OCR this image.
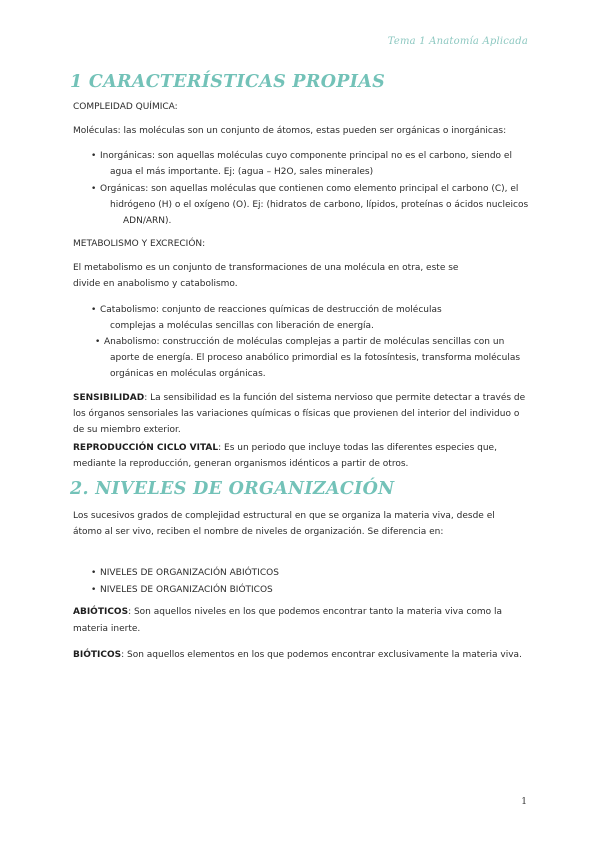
Tema 1 Anatomía Aplicada
1 CARACTERÍSTICAS PROPIAS
COMPLEIDAD QUÍMICA:
Moléculas: las moléculas son un conjunto de átomos, estas pueden ser orgánicas o inorgánicas:
• Inorgánicas: son aquellas moléculas cuyo componente principal no es el carbono, siendo el
agua el más importante. Ej: (agua – H2O, sales minerales)
• Orgánicas: son aquellas moléculas que contienen como elemento principal el carbono (C), el
hidrógeno (H) o el oxígeno (O). Ej: (hidratos de carbono, lípidos, proteínas o ácidos nucleicos
ADN/ARN).
METABOLISMO Y EXCRECIÓN:
El metabolismo es un conjunto de transformaciones de una molécula en otra, este se
divide en anabolismo y catabolismo.
• Catabolismo: conjunto de reacciones químicas de destrucción de moléculas
complejas a moléculas sencillas con liberación de energía.
• Anabolismo: construcción de moléculas complejas a partir de moléculas sencillas con un
aporte de energía. El proceso anabólico primordial es la fotosíntesis, transforma moléculas
orgánicas en moléculas orgánicas.
SENSIBILIDAD: La sensibilidad es la función del sistema nervioso que permite detectar a través de
los órganos sensoriales las variaciones químicas o físicas que provienen del interior del individuo o
de su miembro exterior.
REPRODUCCIÓN CICLO VITAL: Es un periodo que incluye todas las diferentes especies que,
mediante la reproducción, generan organismos idénticos a partir de otros.
2. NIVELES DE ORGANIZACIÓN
Los sucesivos grados de complejidad estructural en que se organiza la materia viva, desde el
átomo al ser vivo, reciben el nombre de niveles de organización. Se diferencia en:
• NIVELES DE ORGANIZACIÓN ABIÓTICOS
• NIVELES DE ORGANIZACIÓN BIÓTICOS
ABIÓTICOS: Son aquellos niveles en los que podemos encontrar tanto la materia viva como la
materia inerte.
BIÓTICOS: Son aquellos elementos en los que podemos encontrar exclusivamente la materia viva.
1
